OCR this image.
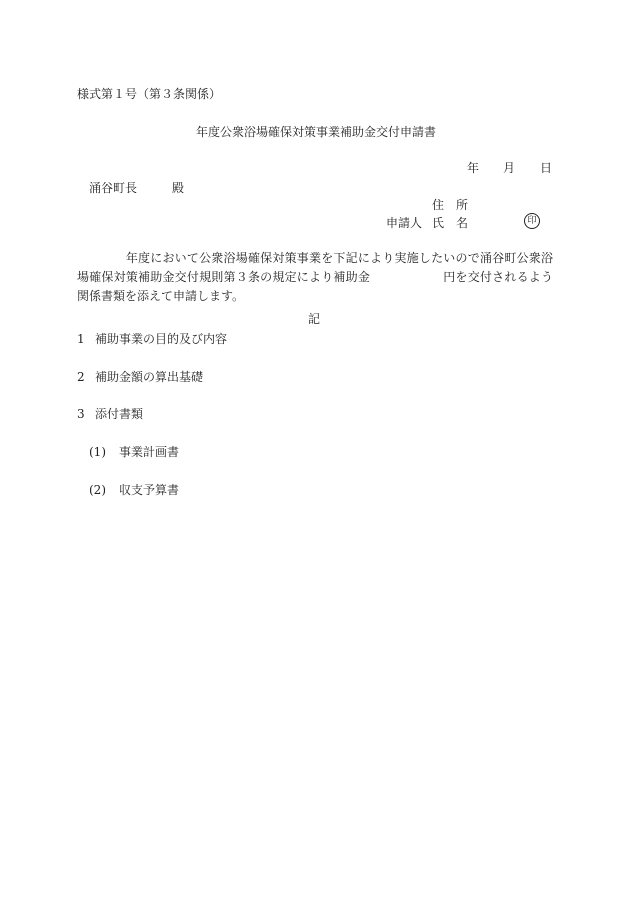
様式第１号（第３条関係）
年度公衆浴場確保対策事業補助金交付申請書
年 月 日
涌谷町長	殿
住　所
申請人 氏　名	印
　　　　年度において公衆浴場確保対策事業を下記により実施したいので涌谷町公衆浴場確保対策補助金交付規則第３条の規定により補助金　　　　　　円を交付されるよう関係書類を添えて申請します。
記
1 補助事業の目的及び内容
2 補助金額の算出基礎
3 添付書類
(1) 事業計画書
(2) 収支予算書
